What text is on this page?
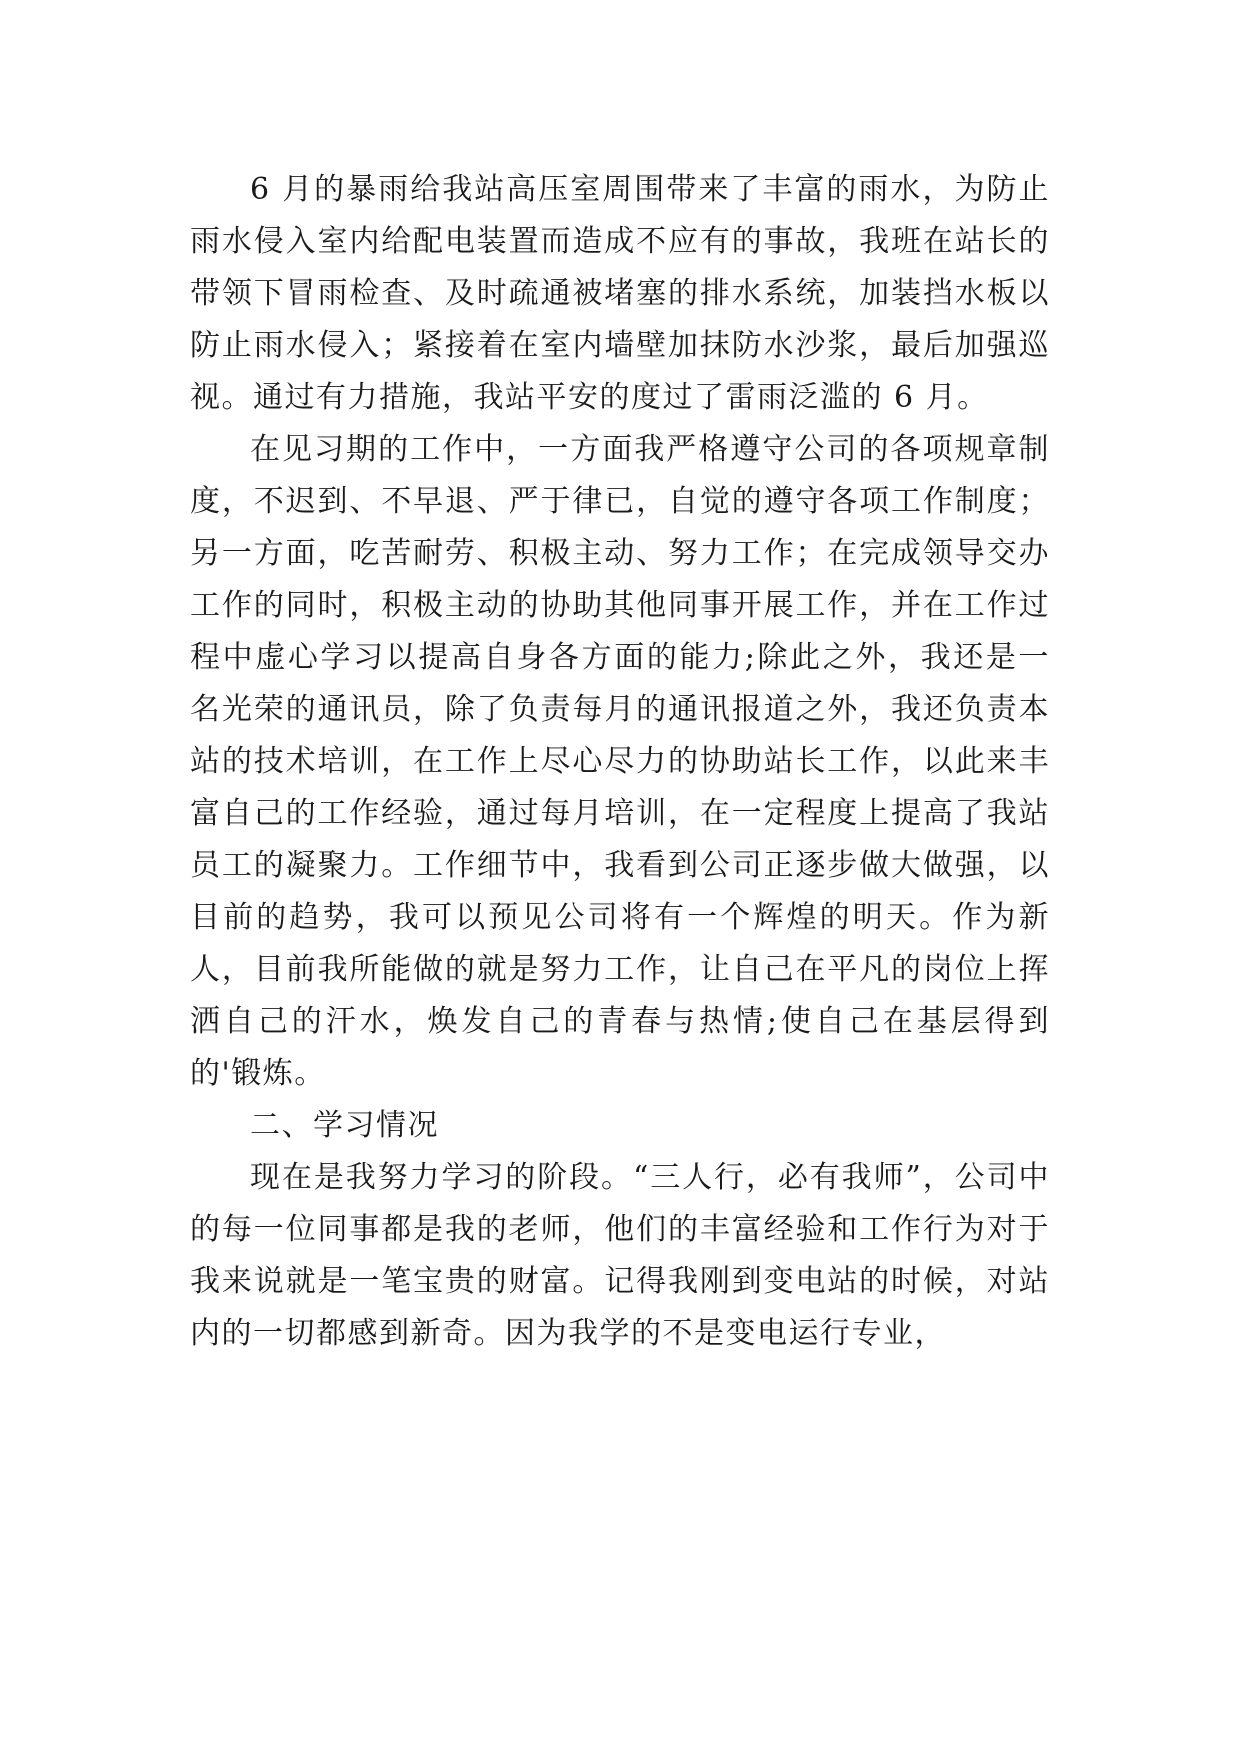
6 月的暴雨给我站高压室周围带来了丰富的雨水，为防止雨水侵入室内给配电装置而造成不应有的事故，我班在站长的带领下冒雨检查、及时疏通被堵塞的排水系统，加装挡水板以防止雨水侵入；紧接着在室内墙壁加抹防水沙浆，最后加强巡视。通过有力措施，我站平安的度过了雷雨泛滥的 6 月。

在见习期的工作中，一方面我严格遵守公司的各项规章制度，不迟到、不早退、严于律已，自觉的遵守各项工作制度；另一方面，吃苦耐劳、积极主动、努力工作；在完成领导交办工作的同时，积极主动的协助其他同事开展工作，并在工作过程中虚心学习以提高自身各方面的能力;除此之外，我还是一名光荣的通讯员，除了负责每月的通讯报道之外，我还负责本站的技术培训，在工作上尽心尽力的协助站长工作，以此来丰富自己的工作经验，通过每月培训，在一定程度上提高了我站员工的凝聚力。工作细节中，我看到公司正逐步做大做强，以目前的趋势，我可以预见公司将有一个辉煌的明天。作为新人，目前我所能做的就是努力工作，让自己在平凡的岗位上挥洒自己的汗水，焕发自己的青春与热情;使自己在基层得到的'锻炼。

二、学习情况

现在是我努力学习的阶段。“三人行，必有我师”，公司中的每一位同事都是我的老师，他们的丰富经验和工作行为对于我来说就是一笔宝贵的财富。记得我刚到变电站的时候，对站内的一切都感到新奇。因为我学的不是变电运行专业，
